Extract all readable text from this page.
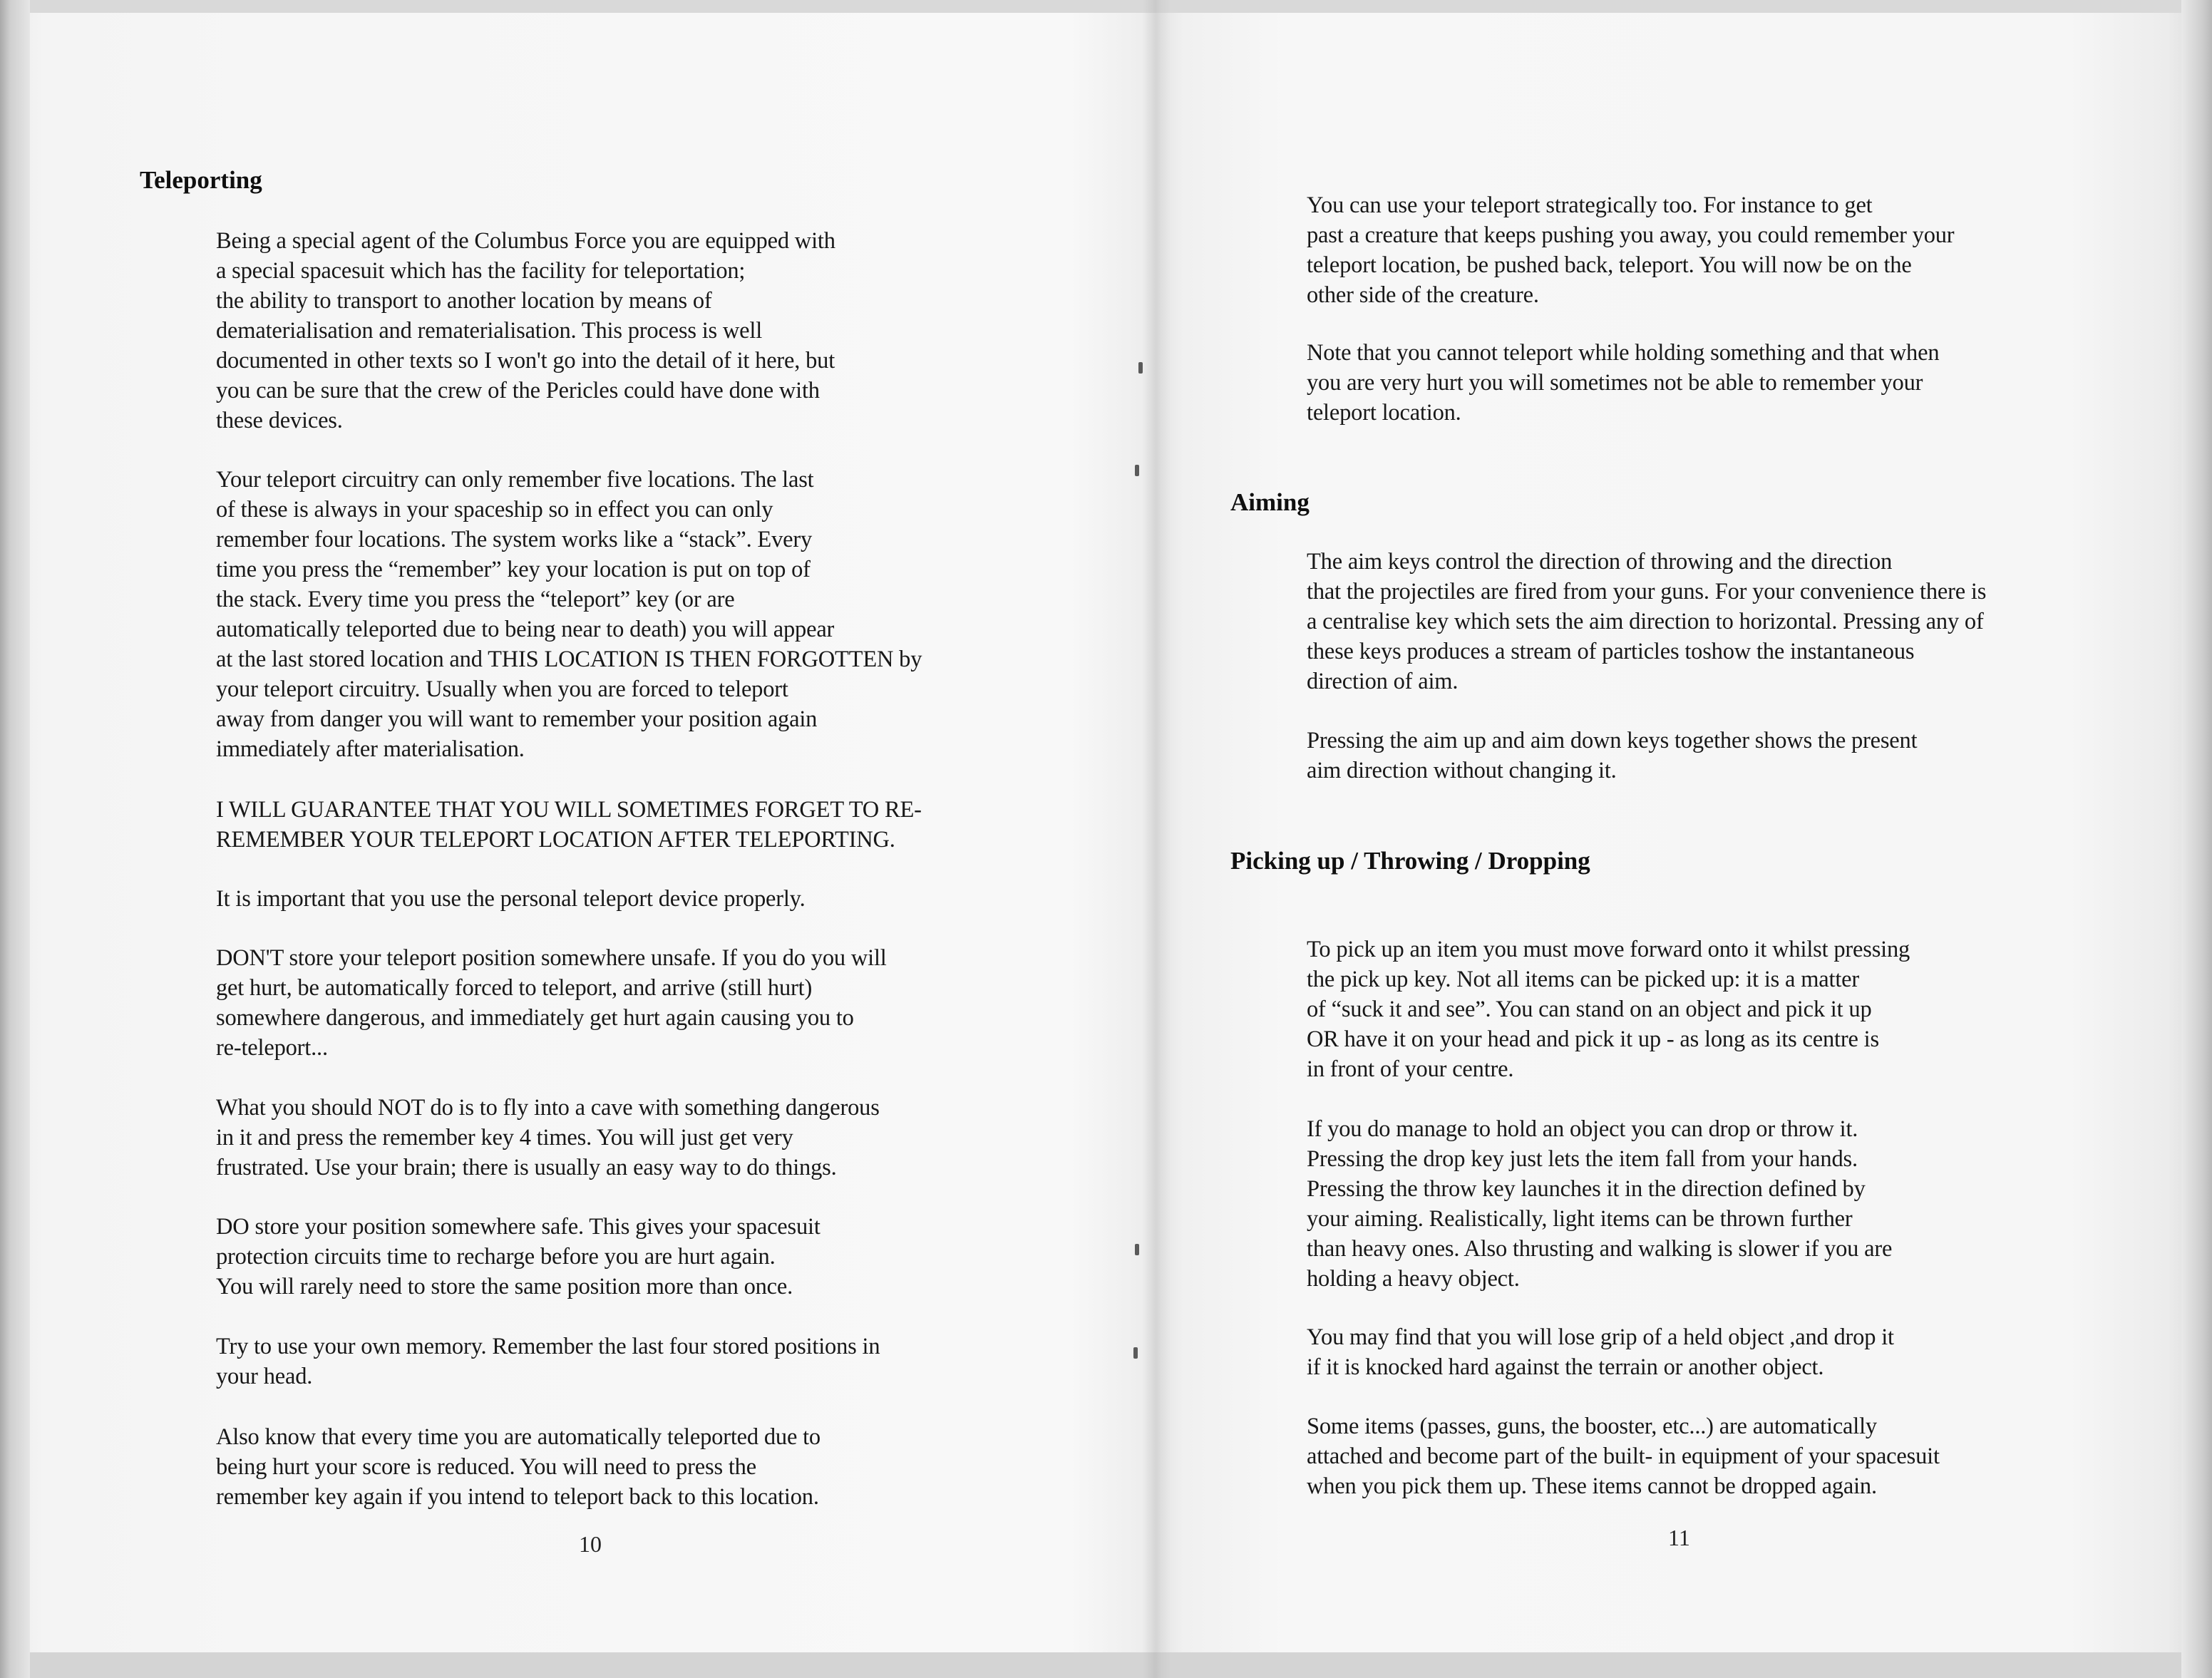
Teleporting
Being a special agent of the Columbus Force you are equipped with
a special spacesuit which has the facility for teleportation;
the ability to transport to another location by means of
dematerialisation and rematerialisation. This process is well
documented in other texts so I won't go into the detail of it here, but
you can be sure that the crew of the Pericles could have done with
these devices.
Your teleport circuitry can only remember five locations. The last
of these is always in your spaceship so in effect you can only
remember four locations. The system works like a “stack”. Every
time you press the “remember” key your location is put on top of
the stack. Every time you press the “teleport” key (or are
automatically teleported due to being near to death) you will appear
at the last stored location and THIS LOCATION IS THEN FORGOTTEN by
your teleport circuitry. Usually when you are forced to teleport
away from danger you will want to remember your position again
immediately after materialisation.
I WILL GUARANTEE THAT YOU WILL SOMETIMES FORGET TO RE-
REMEMBER YOUR TELEPORT LOCATION AFTER TELEPORTING.
It is important that you use the personal teleport device properly.
DON'T store your teleport position somewhere unsafe. If you do you will
get hurt, be automatically forced to teleport, and arrive (still hurt)
somewhere dangerous, and immediately get hurt again causing you to
re-teleport...
What you should NOT do is to fly into a cave with something dangerous
in it and press the remember key 4 times. You will just get very
frustrated. Use your brain; there is usually an easy way to do things.
DO store your position somewhere safe. This gives your spacesuit
protection circuits time to recharge before you are hurt again.
You will rarely need to store the same position more than once.
Try to use your own memory. Remember the last four stored positions in
your head.
Also know that every time you are automatically teleported due to
being hurt your score is reduced. You will need to press the
remember key again if you intend to teleport back to this location.

10

You can use your teleport strategically too. For instance to get
past a creature that keeps pushing you away, you could remember your
teleport location, be pushed back, teleport. You will now be on the
other side of the creature.
Note that you cannot teleport while holding something and that when
you are very hurt you will sometimes not be able to remember your
teleport location.
Aiming
The aim keys control the direction of throwing and the direction
that the projectiles are fired from your guns. For your convenience there is
a centralise key which sets the aim direction to horizontal. Pressing any of
these keys produces a stream of particles toshow the instantaneous
direction of aim.
Pressing the aim up and aim down keys together shows the present
aim direction without changing it.
Picking up / Throwing / Dropping
To pick up an item you must move forward onto it whilst pressing
the pick up key. Not all items can be picked up: it is a matter
of “suck it and see”. You can stand on an object and pick it up
OR have it on your head and pick it up - as long as its centre is
in front of your centre.
If you do manage to hold an object you can drop or throw it.
Pressing the drop key just lets the item fall from your hands.
Pressing the throw key launches it in the direction defined by
your aiming. Realistically, light items can be thrown further
than heavy ones. Also thrusting and walking is slower if you are
holding a heavy object.
You may find that you will lose grip of a held object ,and drop it
if it is knocked hard against the terrain or another object.
Some items (passes, guns, the booster, etc...) are automatically
attached and become part of the built- in equipment of your spacesuit
when you pick them up. These items cannot be dropped again.

11
